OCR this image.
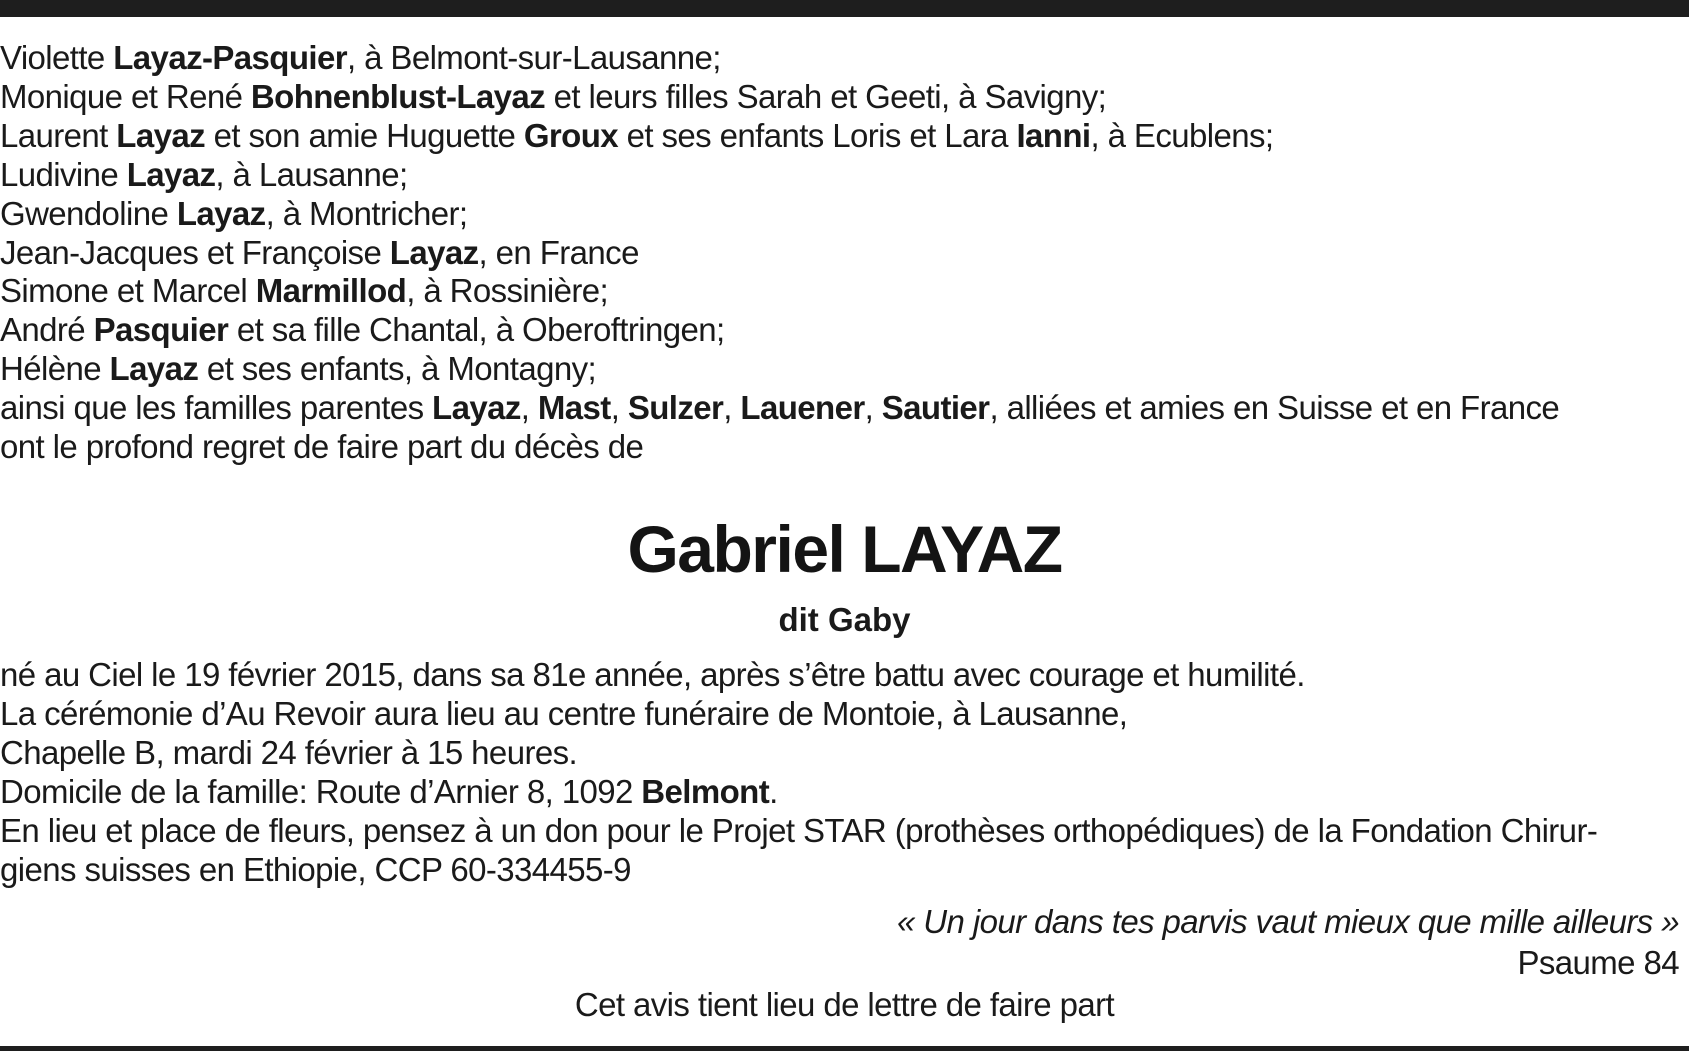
Violette Layaz-Pasquier, à Belmont-sur-Lausanne;
Monique et René Bohnenblust-Layaz et leurs filles Sarah et Geeti, à Savigny;
Laurent Layaz et son amie Huguette Groux et ses enfants Loris et Lara Ianni, à Ecublens;
Ludivine Layaz, à Lausanne;
Gwendoline Layaz, à Montricher;
Jean-Jacques et Françoise Layaz, en France
Simone et Marcel Marmillod, à Rossinière;
André Pasquier et sa fille Chantal, à Oberoftringen;
Hélène Layaz et ses enfants, à Montagny;
ainsi que les familles parentes Layaz, Mast, Sulzer, Lauener, Sautier, alliées et amies en Suisse et en France
ont le profond regret de faire part du décès de
Gabriel LAYAZ
dit Gaby
né au Ciel le 19 février 2015, dans sa 81e année, après s’être battu avec courage et humilité.
La cérémonie d’Au Revoir aura lieu au centre funéraire de Montoie, à Lausanne,
Chapelle B, mardi 24 février à 15 heures.
Domicile de la famille: Route d’Arnier 8, 1092 Belmont.
En lieu et place de fleurs, pensez à un don pour le Projet STAR (prothèses orthopédiques) de la Fondation Chirur-
giens suisses en Ethiopie, CCP 60-334455-9
« Un jour dans tes parvis vaut mieux que mille ailleurs »
Psaume 84
Cet avis tient lieu de lettre de faire part
